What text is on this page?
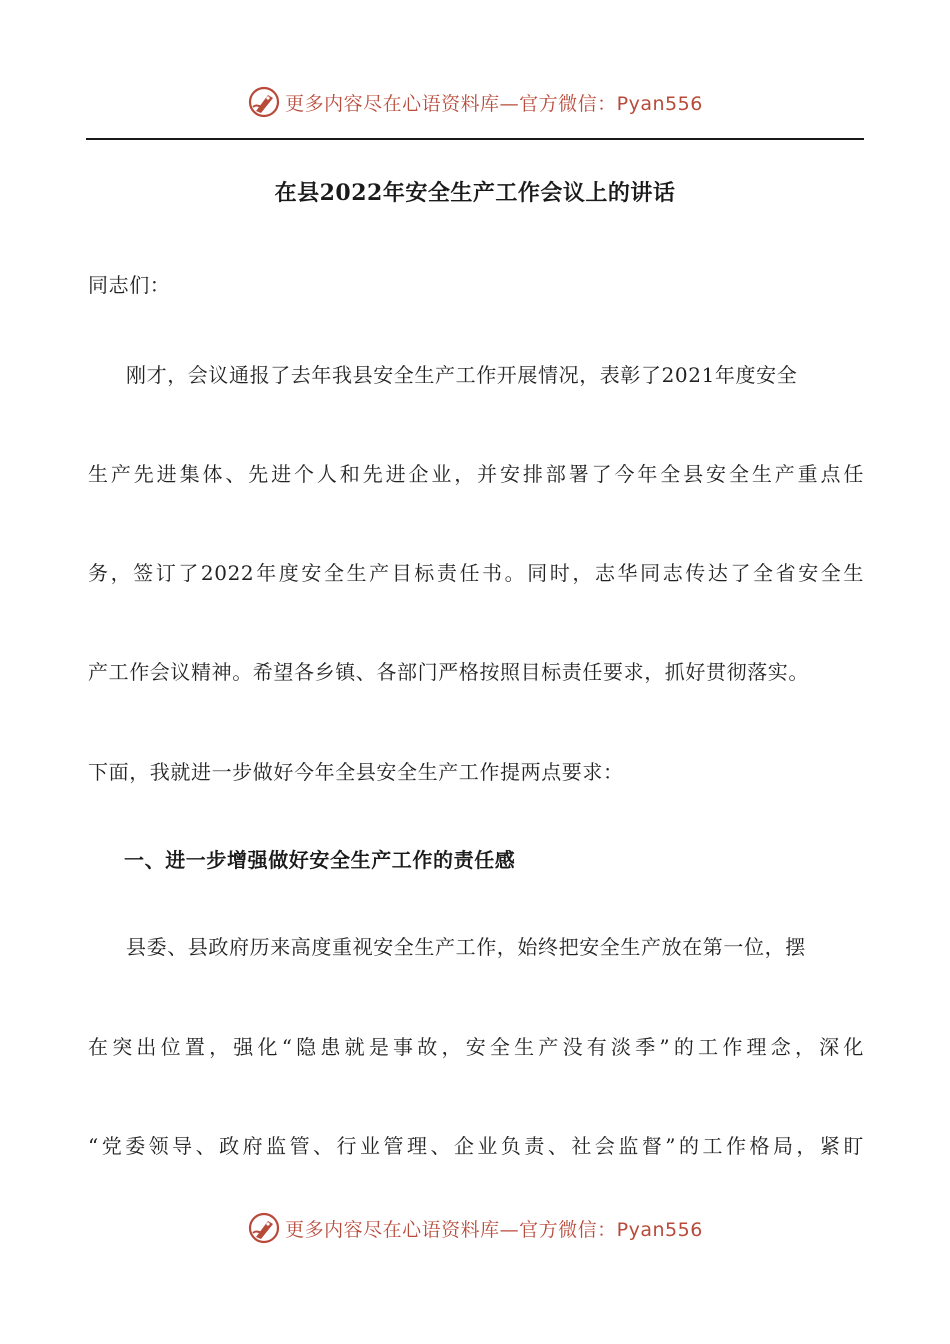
更多内容尽在心语资料库—官方微信：Pyan556
在县2022年安全生产工作会议上的讲话
同志们：
刚才，会议通报了去年我县安全生产工作开展情况，表彰了2021年度安全
生产先进集体、先进个人和先进企业，并安排部署了今年全县安全生产重点任
务，签订了2022年度安全生产目标责任书。同时，志华同志传达了全省安全生
产工作会议精神。希望各乡镇、各部门严格按照目标责任要求，抓好贯彻落实。
下面，我就进一步做好今年全县安全生产工作提两点要求：
一、进一步增强做好安全生产工作的责任感
县委、县政府历来高度重视安全生产工作，始终把安全生产放在第一位，摆
在突出位置，强化“隐患就是事故，安全生产没有淡季”的工作理念，深化
“党委领导、政府监管、行业管理、企业负责、社会监督”的工作格局，紧盯
更多内容尽在心语资料库—官方微信：Pyan556
